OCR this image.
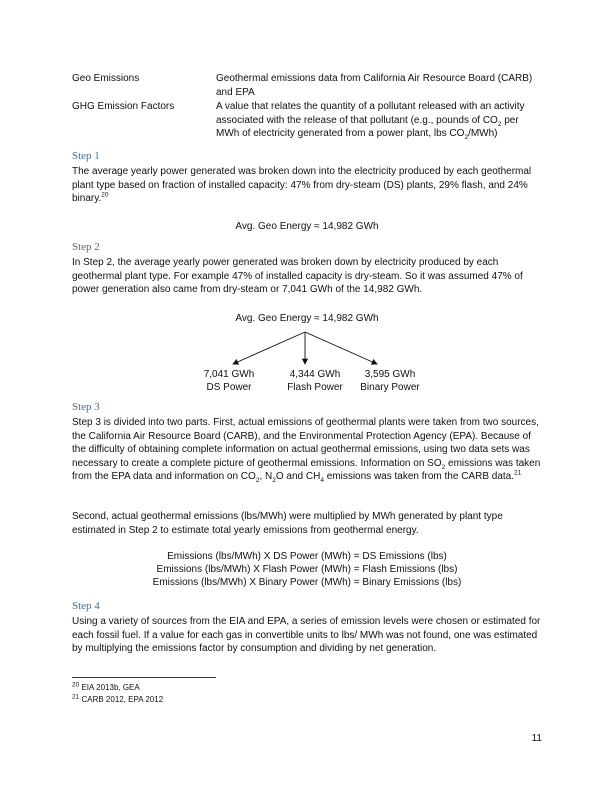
Geo Emissions	Geothermal emissions data from California Air Resource Board (CARB) and EPA
GHG Emission Factors	A value that relates the quantity of a pollutant released with an activity associated with the release of that pollutant (e.g., pounds of $CO_2$ per MWh of electricity generated from a power plant, lbs $CO_2/MWh$)
Step 1
The average yearly power generated was broken down into the electricity produced by each geothermal plant type based on fraction of installed capacity: 47% from dry-steam (DS) plants, 29% flash, and 24% binary.$^{20}$
Avg. Geo Energy ≈ 14,982 GWh
Step 2
In Step 2, the average yearly power generated was broken down by electricity produced by each geothermal plant type. For example 47% of installed capacity is dry-steam. So it was assumed 47% of power generation also came from dry-steam or 7,041 GWh of the 14,982 GWh.
Avg. Geo Energy ≈ 14,982 GWh
7,041 GWh
DS Power
4,344 GWh
Flash Power
3,595 GWh
Binary Power
Step 3
Step 3 is divided into two parts. First, actual emissions of geothermal plants were taken from two sources, the California Air Resource Board (CARB), and the Environmental Protection Agency (EPA). Because of the difficulty of obtaining complete information on actual geothermal emissions, using two data sets was necessary to create a complete picture of geothermal emissions. Information on $SO_2$ emissions was taken from the EPA data and information on $CO_2$, $N_2O$ and $CH_4$ emissions was taken from the CARB data.$^{21}$
Second, actual geothermal emissions (lbs/MWh) were multiplied by MWh generated by plant type estimated in Step 2 to estimate total yearly emissions from geothermal energy.
Emissions (lbs/MWh) X DS Power (MWh) = DS Emissions (lbs)
Emissions (lbs/MWh) X Flash Power (MWh) = Flash Emissions (lbs)
Emissions (lbs/MWh) X Binary Power (MWh) = Binary Emissions (lbs)
Step 4
Using a variety of sources from the EIA and EPA, a series of emission levels were chosen or estimated for each fossil fuel. If a value for each gas in convertible units to lbs/ MWh was not found, one was estimated by multiplying the emissions factor by consumption and dividing by net generation.
$^{20}$ EIA 2013b, GEA
$^{21}$ CARB 2012, EPA 2012
11
